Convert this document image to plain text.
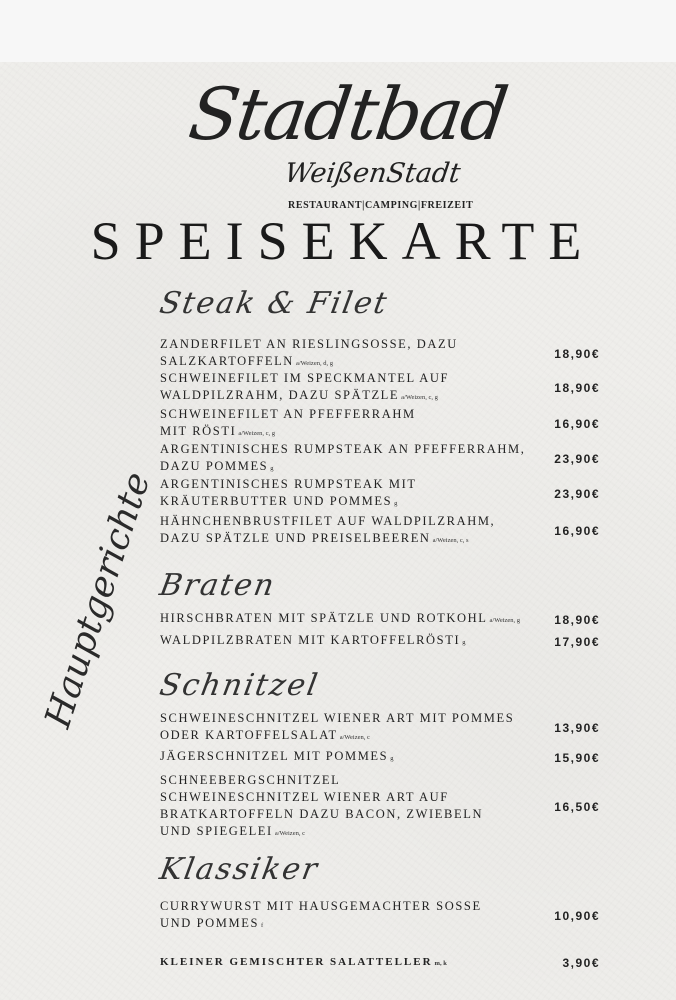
Stadtbad
WeißenStadt
RESTAURANT|CAMPING|FREIZEIT
SPEISEKARTE
Hauptgerichte
Steak & Filet
Braten
Schnitzel
Klassiker
ZANDERFILET AN RIESLINGSOSSE, DAZU
SALZKARTOFFELN a/Weizen, d, g
18,90€
SCHWEINEFILET IM SPECKMANTEL AUF
WALDPILZRAHM, DAZU SPÄTZLE a/Weizen, c, g
18,90€
SCHWEINEFILET AN PFEFFERRAHM
MIT RÖSTI a/Weizen, c, g
16,90€
ARGENTINISCHES RUMPSTEAK AN PFEFFERRAHM,
DAZU POMMES g
23,90€
ARGENTINISCHES RUMPSTEAK MIT
KRÄUTERBUTTER UND POMMES g
23,90€
HÄHNCHENBRUSTFILET AUF WALDPILZRAHM,
DAZU SPÄTZLE UND PREISELBEEREN a/Weizen, c, s
16,90€
HIRSCHBRATEN MIT SPÄTZLE UND ROTKOHL a/Weizen, g	18,90€
WALDPILZBRATEN MIT KARTOFFELRÖSTI g	17,90€
SCHWEINESCHNITZEL WIENER ART MIT POMMES
ODER KARTOFFELSALAT a/Weizen, c
13,90€
JÄGERSCHNITZEL MIT POMMES g	15,90€
SCHNEEBERGSCHNITZEL
SCHWEINESCHNITZEL WIENER ART AUF
BRATKARTOFFELN DAZU BACON, ZWIEBELN
UND SPIEGELEI a/Weizen, c
16,50€
CURRYWURST MIT HAUSGEMACHTER SOSSE
UND POMMES f
10,90€
KLEINER GEMISCHTER SALATTELLER m, k	3,90€
